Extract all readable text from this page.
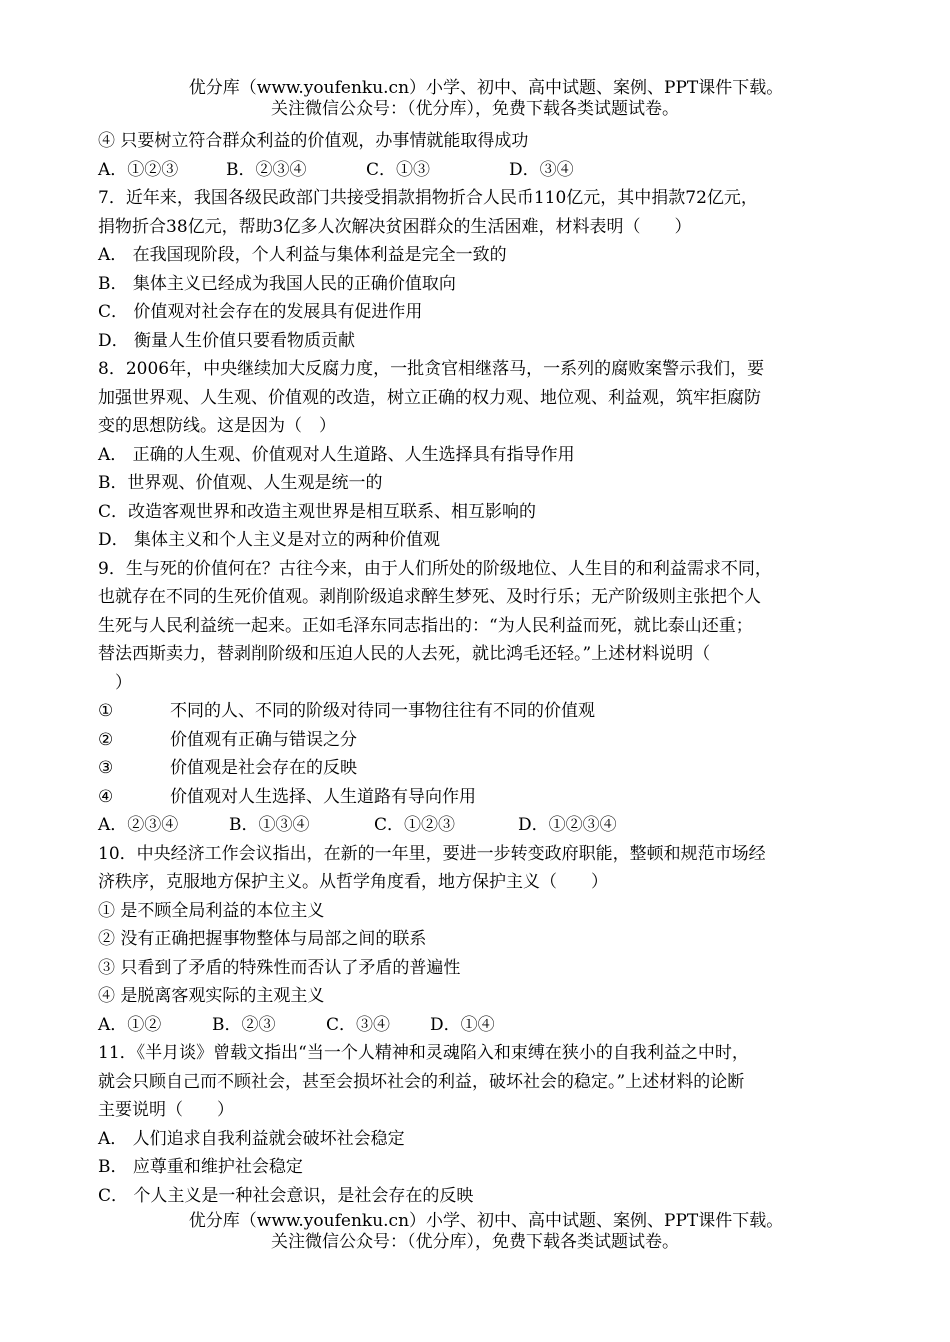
优分库（www.youfenku.cn）小学、初中、高中试题、案例、PPT课件下载。
关注微信公众号：（优分库），免费下载各类试题试卷。
④ 只要树立符合群众利益的价值观，办事情就能取得成功
A．①②③	B．②③④	C．①③	D．③④
7．近年来，我国各级民政部门共接受捐款捐物折合人民币110亿元，其中捐款72亿元，
捐物折合38亿元，帮助3亿多人次解决贫困群众的生活困难，材料表明（　　）
A． 在我国现阶段，个人利益与集体利益是完全一致的
B． 集体主义已经成为我国人民的正确价值取向
C． 价值观对社会存在的发展具有促进作用
D． 衡量人生价值只要看物质贡献
8．2006年，中央继续加大反腐力度，一批贪官相继落马，一系列的腐败案警示我们，要
加强世界观、人生观、价值观的改造，树立正确的权力观、地位观、利益观，筑牢拒腐防
变的思想防线。这是因为（　）
A． 正确的人生观、价值观对人生道路、人生选择具有指导作用
B．世界观、价值观、人生观是统一的
C．改造客观世界和改造主观世界是相互联系、相互影响的
D． 集体主义和个人主义是对立的两种价值观
9．生与死的价值何在？古往今来，由于人们所处的阶级地位、人生目的和利益需求不同，
也就存在不同的生死价值观。剥削阶级追求醉生梦死、及时行乐；无产阶级则主张把个人
生死与人民利益统一起来。正如毛泽东同志指出的：“为人民利益而死，就比泰山还重；
替法西斯卖力，替剥削阶级和压迫人民的人去死，就比鸿毛还轻。”上述材料说明（
　）
①	不同的人、不同的阶级对待同一事物往往有不同的价值观
②	价值观有正确与错误之分
③	价值观是社会存在的反映
④	价值观对人生选择、人生道路有导向作用
A．②③④	B．①③④	C．①②③	D．①②③④
10．中央经济工作会议指出，在新的一年里，要进一步转变政府职能，整顿和规范市场经
济秩序，克服地方保护主义。从哲学角度看，地方保护主义（　　）
① 是不顾全局利益的本位主义
② 没有正确把握事物整体与局部之间的联系
③ 只看到了矛盾的特殊性而否认了矛盾的普遍性
④ 是脱离客观实际的主观主义
A．①②	B．②③	C．③④ D．①④
11．《半月谈》曾载文指出“当一个人精神和灵魂陷入和束缚在狭小的自我利益之中时，
就会只顾自己而不顾社会，甚至会损坏社会的利益，破坏社会的稳定。”上述材料的论断
主要说明（　　）
A． 人们追求自我利益就会破坏社会稳定
B． 应尊重和维护社会稳定
C． 个人主义是一种社会意识，是社会存在的反映
优分库（www.youfenku.cn）小学、初中、高中试题、案例、PPT课件下载。
关注微信公众号：（优分库），免费下载各类试题试卷。
